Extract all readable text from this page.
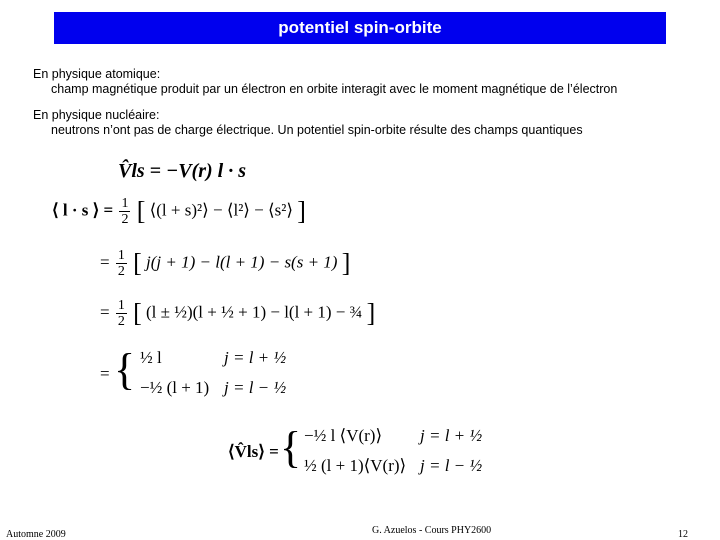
potentiel spin-orbite
En physique atomique:
champ magnétique produit par un électron en orbite interagit avec le moment magnétique de l’électron
En physique nucléaire:
neutrons n’ont pas de charge électrique. Un potentiel spin-orbite résulte des champs quantiques
V̂ls = −V(r) l · s
⟨ l · s ⟩ = $\frac{1}{2}$ [ ⟨(l + s)²⟩ − ⟨l²⟩ − ⟨s²⟩ ]
= $\frac{1}{2}$ [ j(j + 1) − l(l + 1) − s(s + 1) ]
= $\frac{1}{2}$ [ (l ± ½)(l + ½ + 1) − l(l + 1) − ¾ ]
= { ½ l	j = l + ½
−½ (l + 1) j = l − ½
⟨V̂ls⟩ = { −½ l ⟨V(r)⟩ j = l + ½
½ (l + 1)⟨V(r)⟩ j = l − ½
Automne 2009	G. Azuelos - Cours PHY2600	12
